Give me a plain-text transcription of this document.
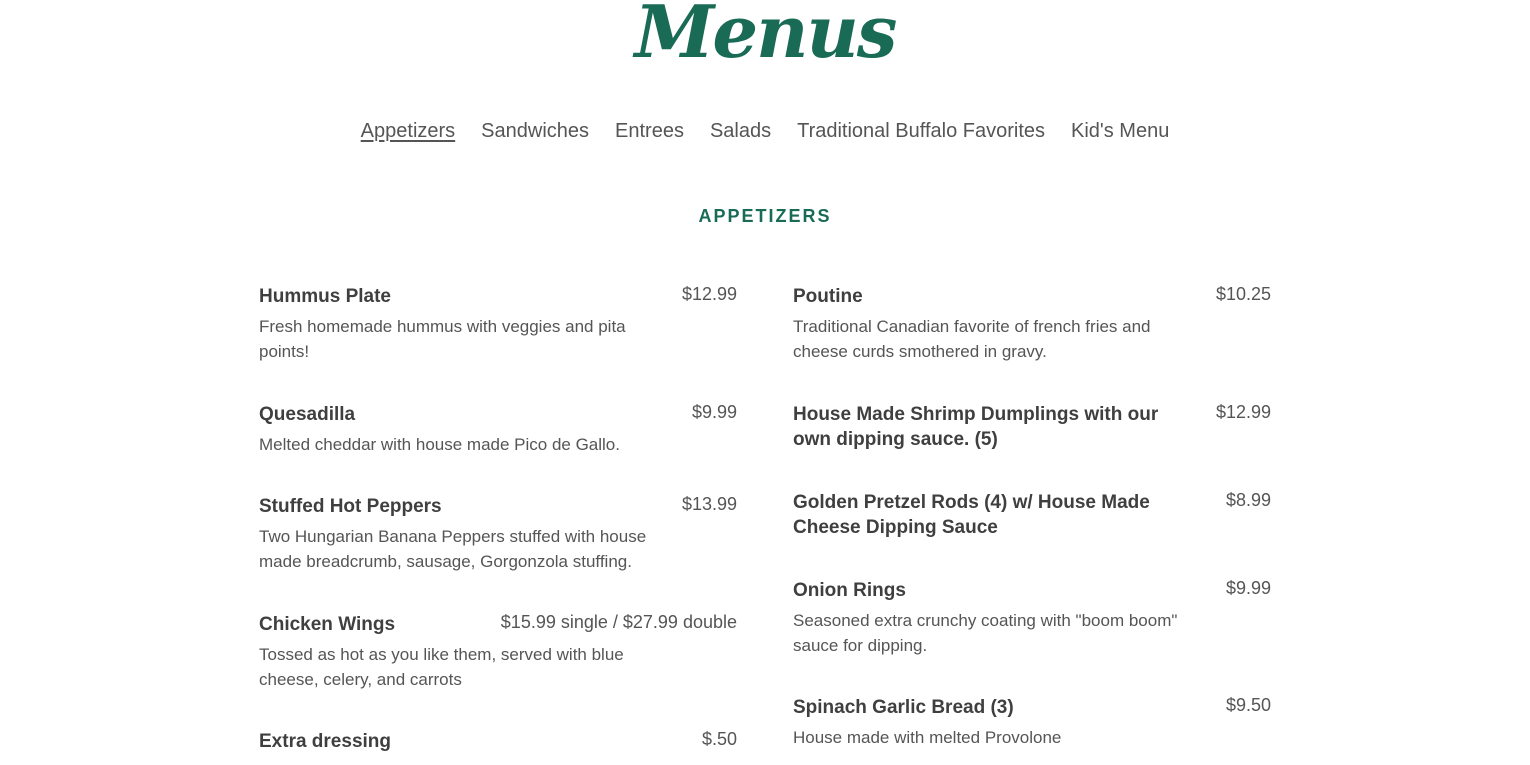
Menus
Appetizers Sandwiches Entrees Salads Traditional Buffalo Favorites Kid's Menu
APPETIZERS
Hummus Plate	$12.99
Fresh homemade hummus with veggies and pita points!
Quesadilla	$9.99
Melted cheddar with house made Pico de Gallo.
Stuffed Hot Peppers	$13.99
Two Hungarian Banana Peppers stuffed with house made breadcrumb, sausage, Gorgonzola stuffing.
Chicken Wings	$15.99 single / $27.99 double
Tossed as hot as you like them, served with blue cheese, celery, and carrots
Extra dressing	$.50
Poutine	$10.25
Traditional Canadian favorite of french fries and cheese curds smothered in gravy.
House Made Shrimp Dumplings with our own dipping sauce. (5)
$12.99
Golden Pretzel Rods (4) w/ House Made Cheese Dipping Sauce
$8.99
Onion Rings	$9.99
Seasoned extra crunchy coating with "boom boom" sauce for dipping.
Spinach Garlic Bread (3)	$9.50
House made with melted Provolone
